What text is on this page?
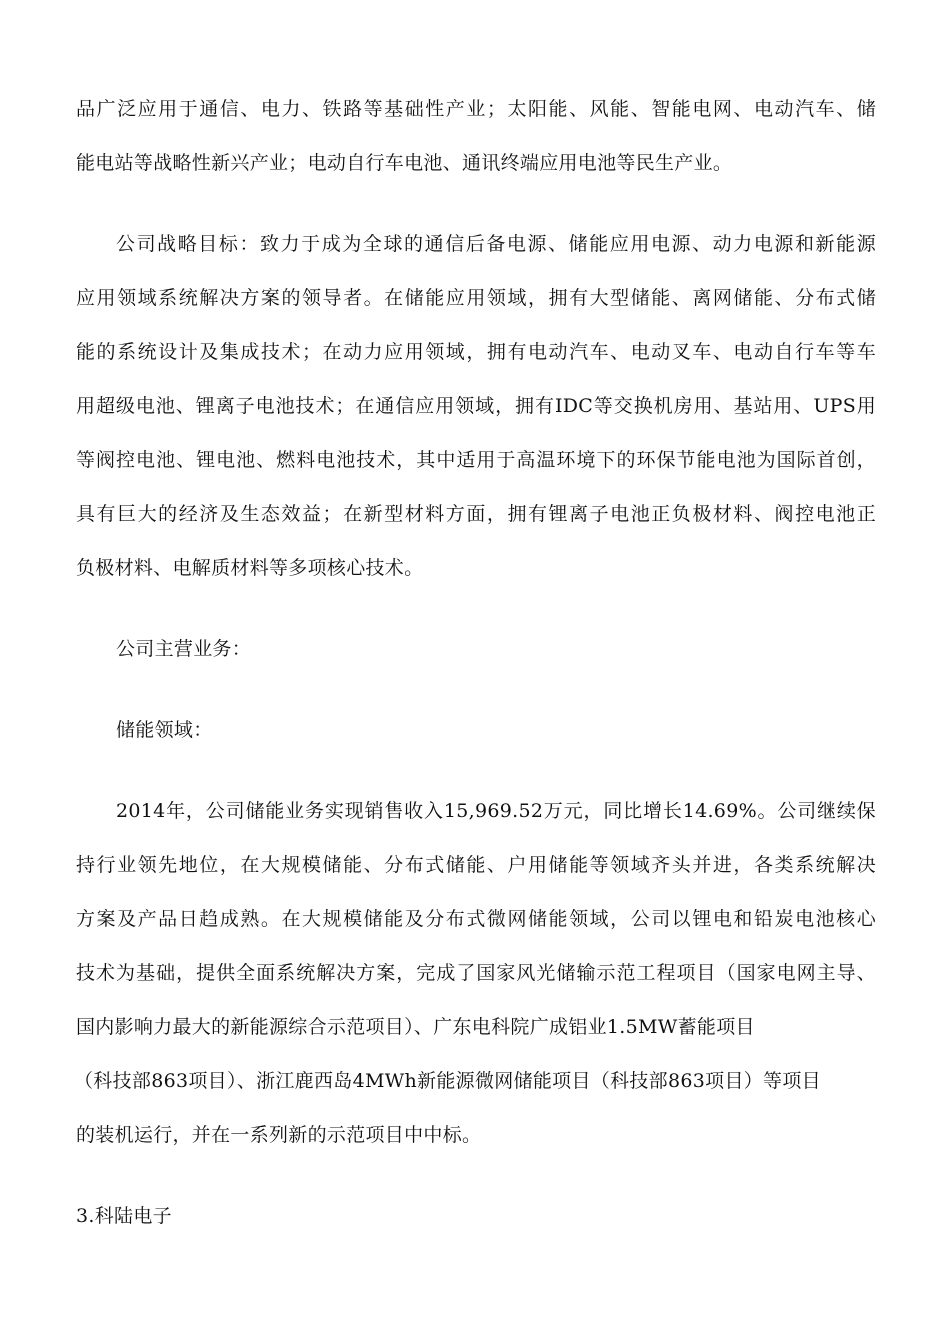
品广泛应用于通信、电力、铁路等基础性产业；太阳能、风能、智能电网、电动汽车、储
能电站等战略性新兴产业；电动自行车电池、通讯终端应用电池等民生产业。
公司战略目标：致力于成为全球的通信后备电源、储能应用电源、动力电源和新能源
应用领域系统解决方案的领导者。在储能应用领域，拥有大型储能、离网储能、分布式储
能的系统设计及集成技术；在动力应用领域，拥有电动汽车、电动叉车、电动自行车等车
用超级电池、锂离子电池技术；在通信应用领域，拥有IDC等交换机房用、基站用、UPS用
等阀控电池、锂电池、燃料电池技术，其中适用于高温环境下的环保节能电池为国际首创，
具有巨大的经济及生态效益；在新型材料方面，拥有锂离子电池正负极材料、阀控电池正
负极材料、电解质材料等多项核心技术。
公司主营业务：
储能领域：
2014年，公司储能业务实现销售收入15,969.52万元，同比增长14.69%。公司继续保
持行业领先地位，在大规模储能、分布式储能、户用储能等领域齐头并进，各类系统解决
方案及产品日趋成熟。在大规模储能及分布式微网储能领域，公司以锂电和铅炭电池核心
技术为基础，提供全面系统解决方案，完成了国家风光储输示范工程项目（国家电网主导、
国内影响力最大的新能源综合示范项目）、广东电科院广成铝业1.5MW蓄能项目
（科技部863项目）、浙江鹿西岛4MWh新能源微网储能项目（科技部863项目）等项目
的装机运行，并在一系列新的示范项目中中标。
3.科陆电子
